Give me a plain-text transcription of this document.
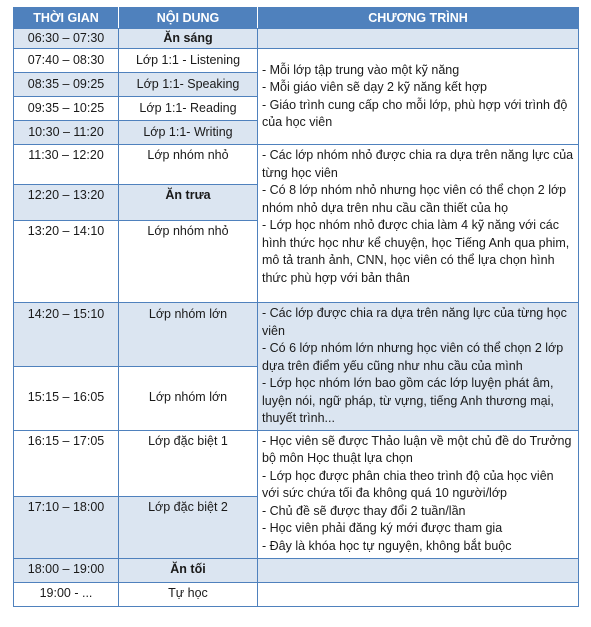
THỜI GIAN	NỘI DUNG	CHƯƠNG TRÌNH
06:30 – 07:30	Ăn sáng	
07:40 – 08:30	Lớp 1:1 - Listening	- Mỗi lớp tập trung vào một kỹ năng
- Mỗi giáo viên sẽ dạy 2 kỹ năng kết hợp
- Giáo trình cung cấp cho mỗi lớp, phù hợp với trình độ của học viên

08:35 – 09:25	Lớp 1:1- Speaking	
09:35 – 10:25	Lớp 1:1- Reading	
10:30 – 11:20	Lớp 1:1- Writing	
11:30 – 12:20	Lớp nhóm nhỏ	- Các lớp nhóm nhỏ được chia ra dựa trên năng lực của từng học viên
- Có 8 lớp nhóm nhỏ nhưng học viên có thể chọn 2 lớp nhóm nhỏ dựa trên nhu cầu cần thiết của họ
- Lớp học nhóm nhỏ được chia làm 4 kỹ năng với các hình thức học như kể chuyện, học Tiếng Anh qua phim, mô tả tranh ảnh, CNN, học viên có thể lựa chọn hình thức phù hợp với bản thân

12:20 – 13:20	Ăn trưa	
13:20 – 14:10	Lớp nhóm nhỏ	
14:20 – 15:10	Lớp nhóm lớn	- Các lớp được chia ra dựa trên năng lực của từng học viên
- Có 6 lớp nhóm lớn nhưng học viên có thể chọn 2 lớp dựa trên điểm yếu cũng như nhu cầu của mình
- Lớp học nhóm lớn bao gồm các lớp luyện phát âm, luyện nói, ngữ pháp, từ vựng, tiếng Anh thương mại, thuyết trình...

15:15 – 16:05	Lớp nhóm lớn	
16:15 – 17:05	Lớp đặc biệt 1	- Học viên sẽ được Thảo luận về một chủ đề do Trưởng bộ môn Học thuật lựa chọn
- Lớp học được phân chia theo trình độ của học viên với sức chứa tối đa không quá 10 người/lớp
- Chủ đề sẽ được thay đổi 2 tuần/lần
- Học viên phải đăng ký mới được tham gia
- Đây là khóa học tự nguyện, không bắt buộc

17:10 – 18:00	Lớp đặc biệt 2	
18:00 – 19:00	Ăn tối	
19:00 - ...	Tự học	
